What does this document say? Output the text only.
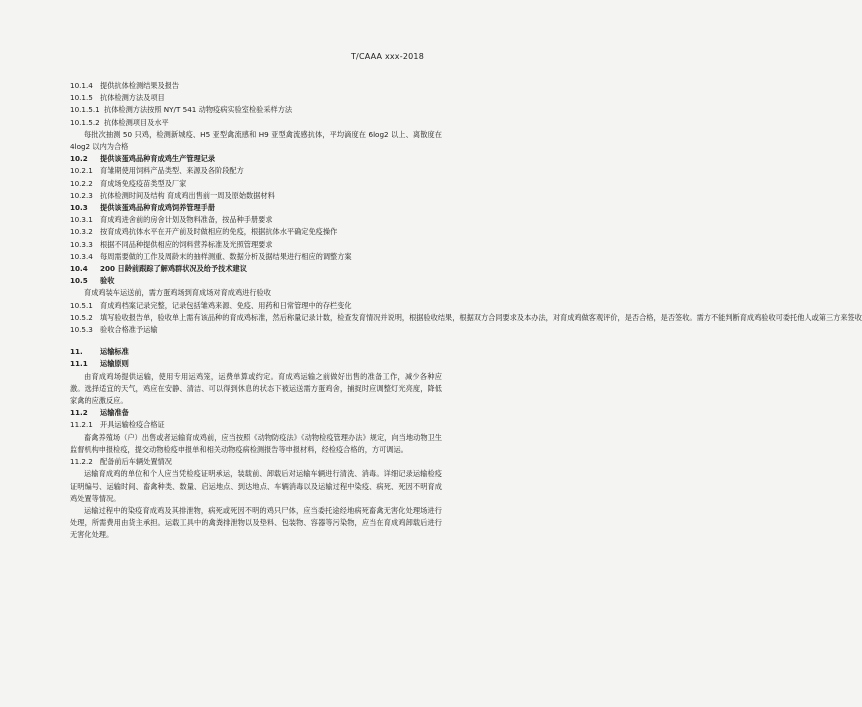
T/CAAA xxx-2018
10.1.4 提供抗体检测结果及报告
10.1.5 抗体检测方法及项目
10.1.5.1 抗体检测方法按照 NY/T 541 动物疫病实验室检验采样方法
10.1.5.2 抗体检测项目及水平
每批次抽测 50 只鸡，检测新城疫、H5 亚型禽流感和 H9 亚型禽流感抗体，平均滴度在 6log2 以上、离散度在 4log2 以内为合格
10.2 提供该蛋鸡品种育成鸡生产管理记录
10.2.1 育雏期使用饲料产品类型、来源及各阶段配方
10.2.2 育成场免疫疫苗类型及厂家
10.2.3 抗体检测时间及结构 育成鸡出售前一周及原始数据材料
10.3 提供该蛋鸡品种育成鸡饲养管理手册
10.3.1 育成鸡进舍前的房舍计划及物料准备，按品种手册要求
10.3.2 按育成鸡抗体水平在开产前及时做相应的免疫，根据抗体水平确定免疫操作
10.3.3 根据不同品种提供相应的饲料营养标准及光照管理要求
10.3.4 每周需要做的工作及周龄末的抽样测重、数据分析及据结果进行相应的调整方案
10.4 200 日龄前跟踪了解鸡群状况及给予技术建议
10.5 验收
育成鸡装车运送前，需方蛋鸡场到育成场对育成鸡进行验收
10.5.1 育成鸡档案记录完整，记录包括雏鸡来源、免疫、用药和日常管理中的存栏变化
10.5.2 填写验收报告单，验收单上需有该品种的育成鸡标准，然后称量记录计数，检查发育情况并说明，根据验收结果，根据双方合同要求及本办法，对育成鸡做客观评价，是否合格，是否签收。需方不能判断育成鸡验收可委托他人或第三方来签收
10.5.3 验收合格准予运输
11. 运输标准
11.1 运输原则
由育成鸡场提供运输，使用专用运鸡笼，运费单算或约定。育成鸡运输之前做好出售的准备工作，减少各种应激。选择适宜的天气，鸡应在安静、清洁、可以得到休息的状态下被运送需方蛋鸡舍，捕捉时应调整灯光亮度，降低家禽的应激反应。
11.2 运输准备
11.2.1 开具运输检疫合格证
畜禽养殖场（户）出售或者运输育成鸡前，应当按照《动物防疫法》《动物检疫管理办法》规定，向当地动物卫生监督机构申报检疫，提交动物检疫申报单和相关动物疫病检测报告等申报材料，经检疫合格的，方可调运。
11.2.2 配备前后车辆处置情况
运输育成鸡的单位和个人应当凭检疫证明承运，装载前、卸载后对运输车辆进行清洗、消毒。详细记录运输检疫证明编号、运输时间、畜禽种类、数量、启运地点、到达地点、车辆消毒以及运输过程中染疫、病死、死因不明育成鸡处置等情况。
运输过程中的染疫育成鸡及其排泄物，病死或死因不明的鸡只尸体，应当委托途经地病死畜禽无害化处理场进行处理，所需费用由货主承担。运载工具中的禽粪排泄物以及垫料、包装物、容器等污染物，应当在育成鸡卸载后进行无害化处理。
